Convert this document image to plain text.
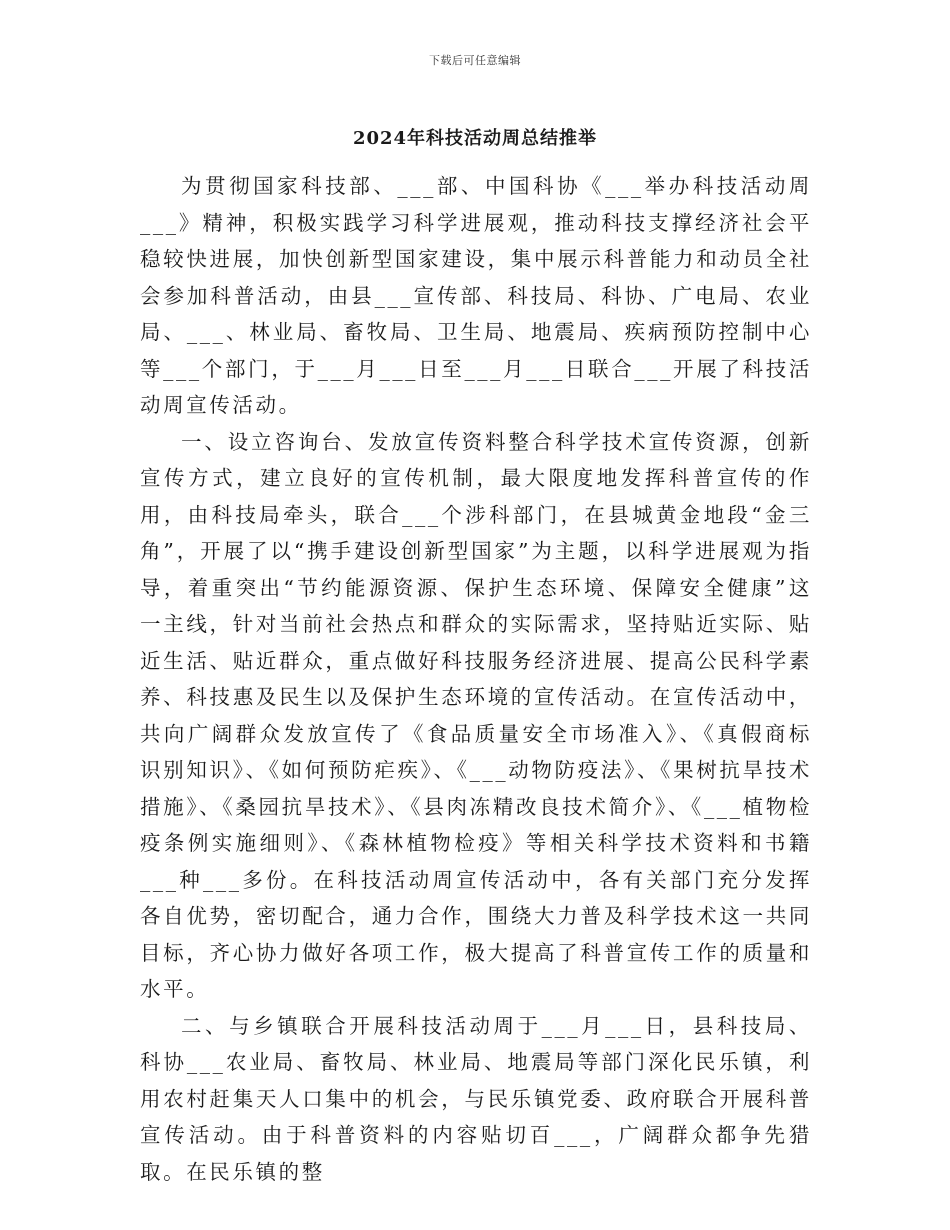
下载后可任意编辑
2024年科技活动周总结推举

为贯彻国家科技部、___部、中国科协《___举办科技活动周___》精神，积极实践学习科学进展观，推动科技支撑经济社会平稳较快进展，加快创新型国家建设，集中展示科普能力和动员全社会参加科普活动，由县___宣传部、科技局、科协、广电局、农业局、___、林业局、畜牧局、卫生局、地震局、疾病预防控制中心等___个部门，于___月___日至___月___日联合___开展了科技活动周宣传活动。

一、设立咨询台、发放宣传资料整合科学技术宣传资源，创新宣传方式，建立良好的宣传机制，最大限度地发挥科普宣传的作用，由科技局牵头，联合___个涉科部门，在县城黄金地段“金三角”，开展了以“携手建设创新型国家”为主题，以科学进展观为指导，着重突出“节约能源资源、保护生态环境、保障安全健康”这一主线，针对当前社会热点和群众的实际需求，坚持贴近实际、贴近生活、贴近群众，重点做好科技服务经济进展、提高公民科学素养、科技惠及民生以及保护生态环境的宣传活动。在宣传活动中，共向广阔群众发放宣传了《食品质量安全市场准入》、《真假商标识别知识》、《如何预防疟疾》、《___动物防疫法》、《果树抗旱技术措施》、《桑园抗旱技术》、《县肉冻精改良技术简介》、《___植物检疫条例实施细则》、《森林植物检疫》等相关科学技术资料和书籍___种___多份。在科技活动周宣传活动中，各有关部门充分发挥各自优势，密切配合，通力合作，围绕大力普及科学技术这一共同目标，齐心协力做好各项工作，极大提高了科普宣传工作的质量和水平。

二、与乡镇联合开展科技活动周于___月___日，县科技局、科协___农业局、畜牧局、林业局、地震局等部门深化民乐镇，利用农村赶集天人口集中的机会，与民乐镇党委、政府联合开展科普宣传活动。由于科普资料的内容贴切百___，广阔群众都争先猎取。在民乐镇的整
